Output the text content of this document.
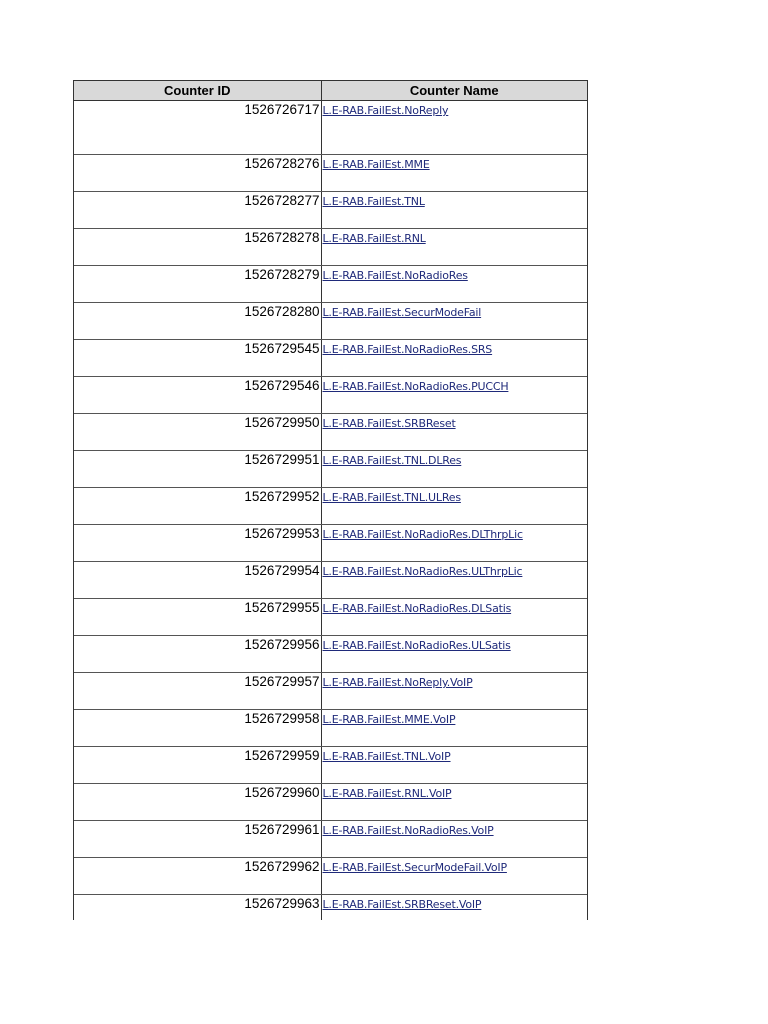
Counter ID	Counter Name
1526726717	L.E-RAB.FailEst.NoReply
1526728276	L.E-RAB.FailEst.MME
1526728277	L.E-RAB.FailEst.TNL
1526728278	L.E-RAB.FailEst.RNL
1526728279	L.E-RAB.FailEst.NoRadioRes
1526728280	L.E-RAB.FailEst.SecurModeFail
1526729545	L.E-RAB.FailEst.NoRadioRes.SRS
1526729546	L.E-RAB.FailEst.NoRadioRes.PUCCH
1526729950	L.E-RAB.FailEst.SRBReset
1526729951	L.E-RAB.FailEst.TNL.DLRes
1526729952	L.E-RAB.FailEst.TNL.ULRes
1526729953	L.E-RAB.FailEst.NoRadioRes.DLThrpLic
1526729954	L.E-RAB.FailEst.NoRadioRes.ULThrpLic
1526729955	L.E-RAB.FailEst.NoRadioRes.DLSatis
1526729956	L.E-RAB.FailEst.NoRadioRes.ULSatis
1526729957	L.E-RAB.FailEst.NoReply.VoIP
1526729958	L.E-RAB.FailEst.MME.VoIP
1526729959	L.E-RAB.FailEst.TNL.VoIP
1526729960	L.E-RAB.FailEst.RNL.VoIP
1526729961	L.E-RAB.FailEst.NoRadioRes.VoIP
1526729962	L.E-RAB.FailEst.SecurModeFail.VoIP
1526729963	L.E-RAB.FailEst.SRBReset.VoIP
